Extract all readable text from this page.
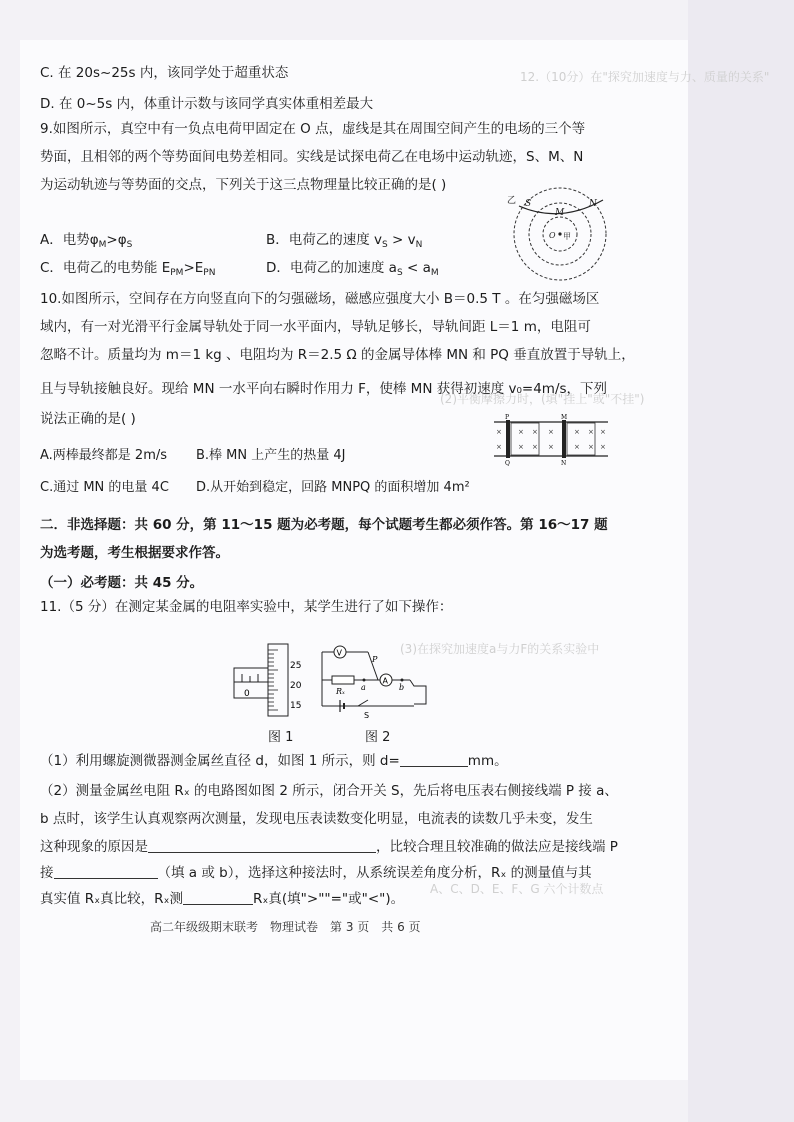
12.（10分）在"探究加速度与力、质量的关系"
(2)平衡摩擦力时，(填"挂上"或"不挂")
(3)在探究加速度a与力F的关系实验中
A、C、D、E、F、G 六个计数点
C. 在 20s~25s 内，该同学处于超重状态
D. 在 0~5s 内，体重计示数与该同学真实体重相差最大
9.如图所示，真空中有一负点电荷甲固定在 O 点，虚线是其在周围空间产生的电场的三个等
势面，且相邻的两个等势面间电势差相同。实线是试探电荷乙在电场中运动轨迹，S、M、N
为运动轨迹与等势面的交点，下列关于这三点物理量比较正确的是( )
A．电势$\varphi_M>\varphi_S$	B．电荷乙的速度 $v_S > v_N$
C．电荷乙的电势能 $E_{PM}>E_{PN}$	D．电荷乙的加速度 $a_S < a_M$
乙 S
M
N
O 甲
10.如图所示，空间存在方向竖直向下的匀强磁场，磁感应强度大小 B＝0.5 T 。在匀强磁场区
域内，有一对光滑平行金属导轨处于同一水平面内，导轨足够长，导轨间距 L＝1 m，电阻可
忽略不计。质量均为 m＝1 kg 、电阻均为 R＝2.5 Ω 的金属导体棒 MN 和 PQ 垂直放置于导轨上，
且与导轨接触良好。现给 MN 一水平向右瞬时作用力 F，使棒 MN 获得初速度 v₀=4m/s，下列
说法正确的是( )
A.两棒最终都是 2m/s B.棒 MN 上产生的热量 4J
C.通过 MN 的电量 4C D.从开始到稳定，回路 MNPQ 的面积增加 4m²
×
×
×
×
×
×
×
×
×
×
×
×
×
×
P	M
Q	N
二．非选择题：共 60 分，第 11～15 题为必考题，每个试题考生都必须作答。第 16～17 题
为选考题，考生根据要求作答。
（一）必考题：共 45 分。
11.（5 分）在测定某金属的电阻率实验中，某学生进行了如下操作：
0
25
20
15
图 1
V
P
Rₓ a
A
b
S
图 2
（1）利用螺旋测微器测金属丝直径 d，如图 1 所示，则 d=	mm。
（2）测量金属丝电阻 Rₓ 的电路图如图 2 所示，闭合开关 S，先后将电压表右侧接线端 P 接 a、
b 点时，该学生认真观察两次测量，发现电压表读数变化明显，电流表的读数几乎未变，发生
这种现象的原因是	，比较合理且较准确的做法应是接线端 P
接	（填 a 或 b），选择这种接法时，从系统误差角度分析，Rₓ 的测量值与其
真实值 Rₓ真比较，Rₓ测	Rₓ真(填">""="或"<")。
高二年级级期末联考　物理试卷　第 3 页　共 6 页
